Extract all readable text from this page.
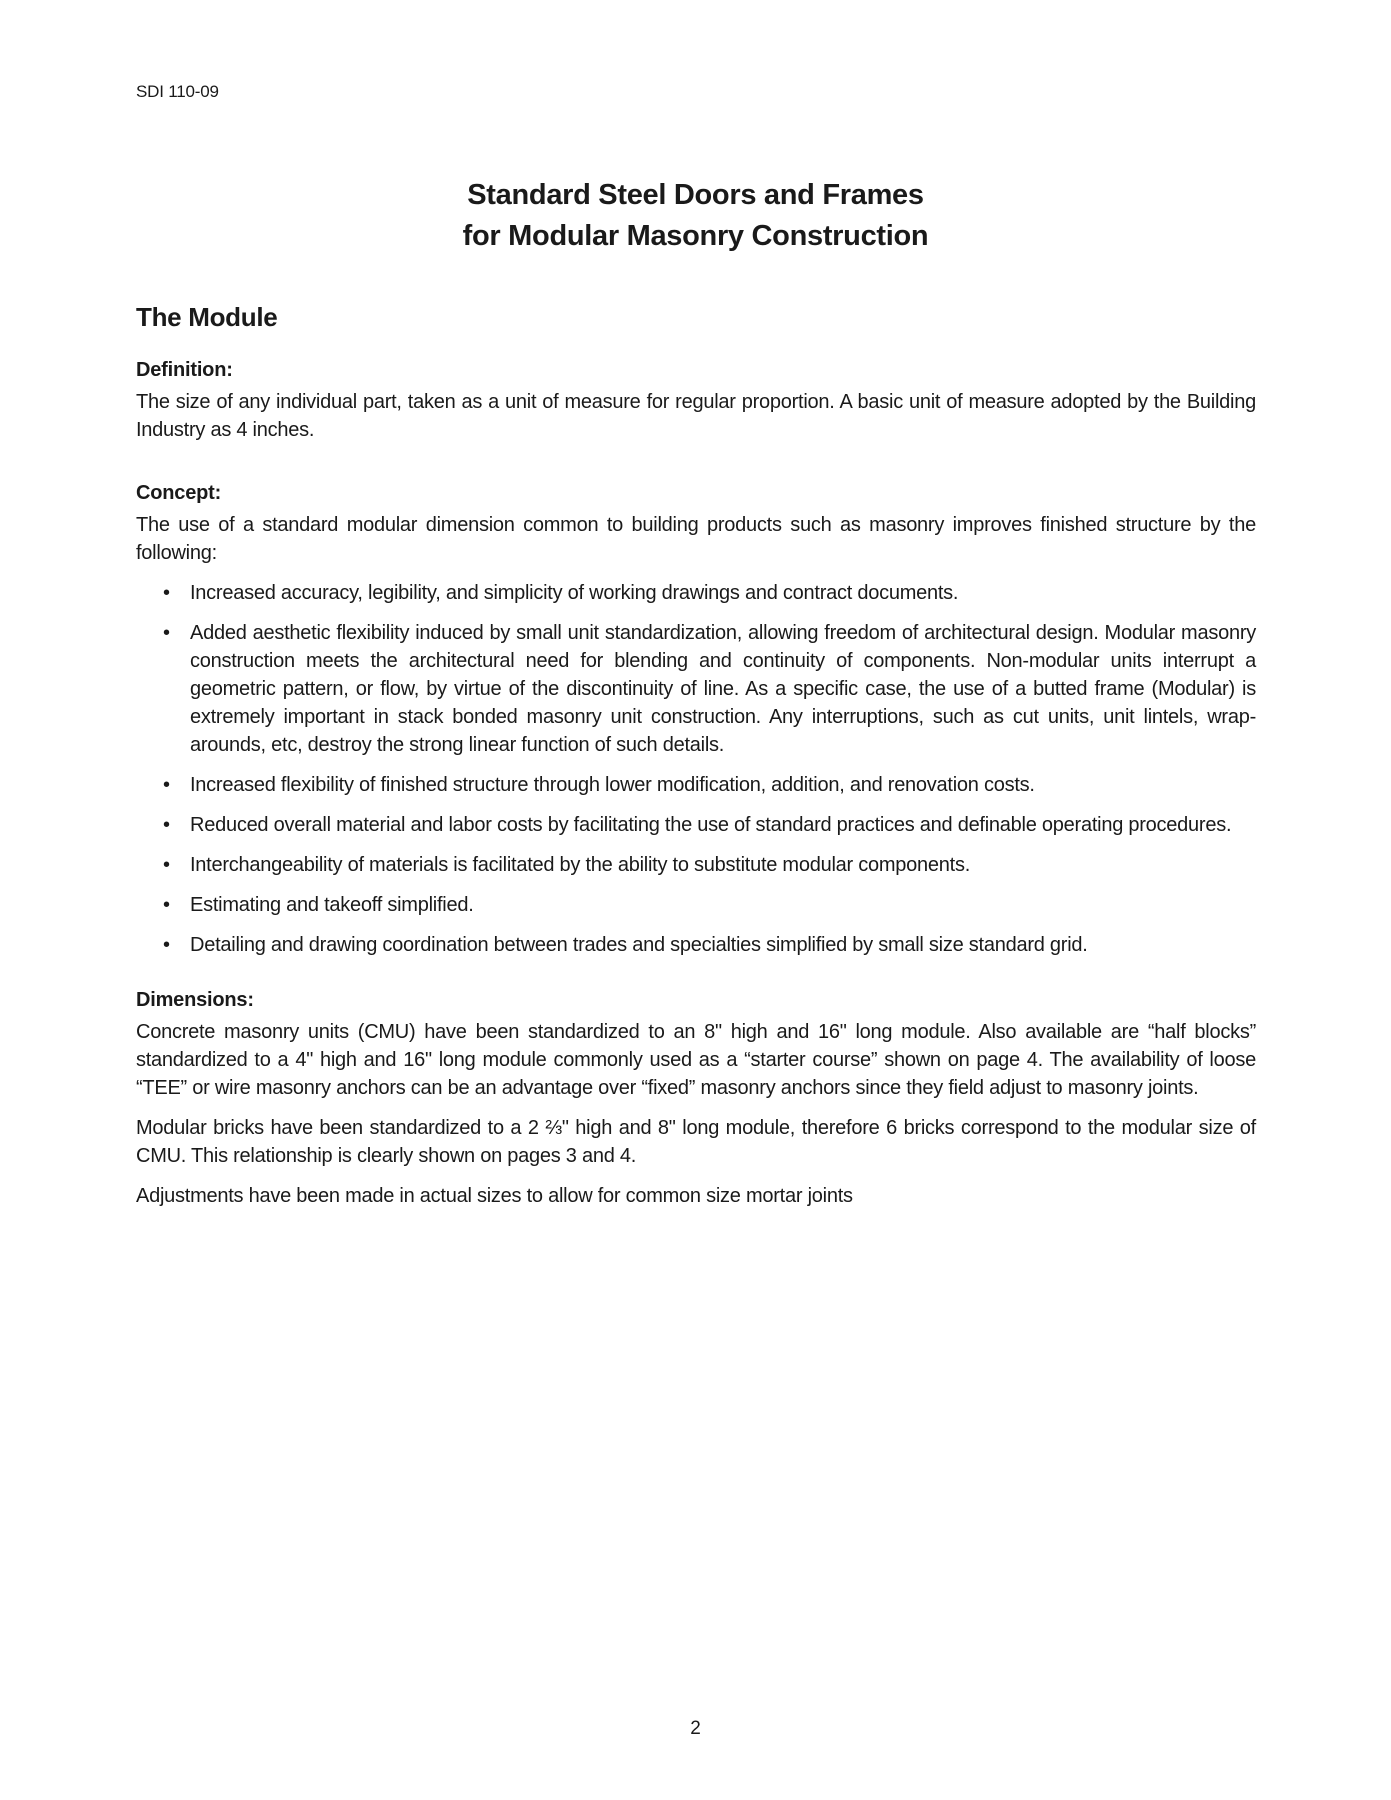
SDI 110-09
Standard Steel Doors and Frames
for Modular Masonry Construction
The Module
Definition:

The size of any individual part, taken as a unit of measure for regular proportion. A basic unit of measure adopted by the Building Industry as 4 inches.

Concept:

The use of a standard modular dimension common to building products such as masonry improves finished structure by the following:

• Increased accuracy, legibility, and simplicity of working drawings and contract documents.
• Added aesthetic flexibility induced by small unit standardization, allowing freedom of architectural design. Modular masonry construction meets the architectural need for blending and continuity of components. Non-modular units interrupt a geometric pattern, or flow, by virtue of the discontinuity of line. As a specific case, the use of a butted frame (Modular) is extremely important in stack bonded masonry unit construction. Any interruptions, such as cut units, unit lintels, wrap-arounds, etc, destroy the strong linear function of such details.
• Increased flexibility of finished structure through lower modification, addition, and renovation costs.
• Reduced overall material and labor costs by facilitating the use of standard practices and definable operating procedures.
• Interchangeability of materials is facilitated by the ability to substitute modular components.
• Estimating and takeoff simplified.
• Detailing and drawing coordination between trades and specialties simplified by small size standard grid.
Dimensions:

Concrete masonry units (CMU) have been standardized to an 8" high and 16" long module. Also available are “half blocks” standardized to a 4" high and 16" long module commonly used as a “starter course” shown on page 4. The availability of loose “TEE” or wire masonry anchors can be an advantage over “fixed” masonry anchors since they field adjust to masonry joints.

Modular bricks have been standardized to a 2 ⅔" high and 8" long module, therefore 6 bricks correspond to the modular size of CMU. This relationship is clearly shown on pages 3 and 4.

Adjustments have been made in actual sizes to allow for common size mortar joints

2
